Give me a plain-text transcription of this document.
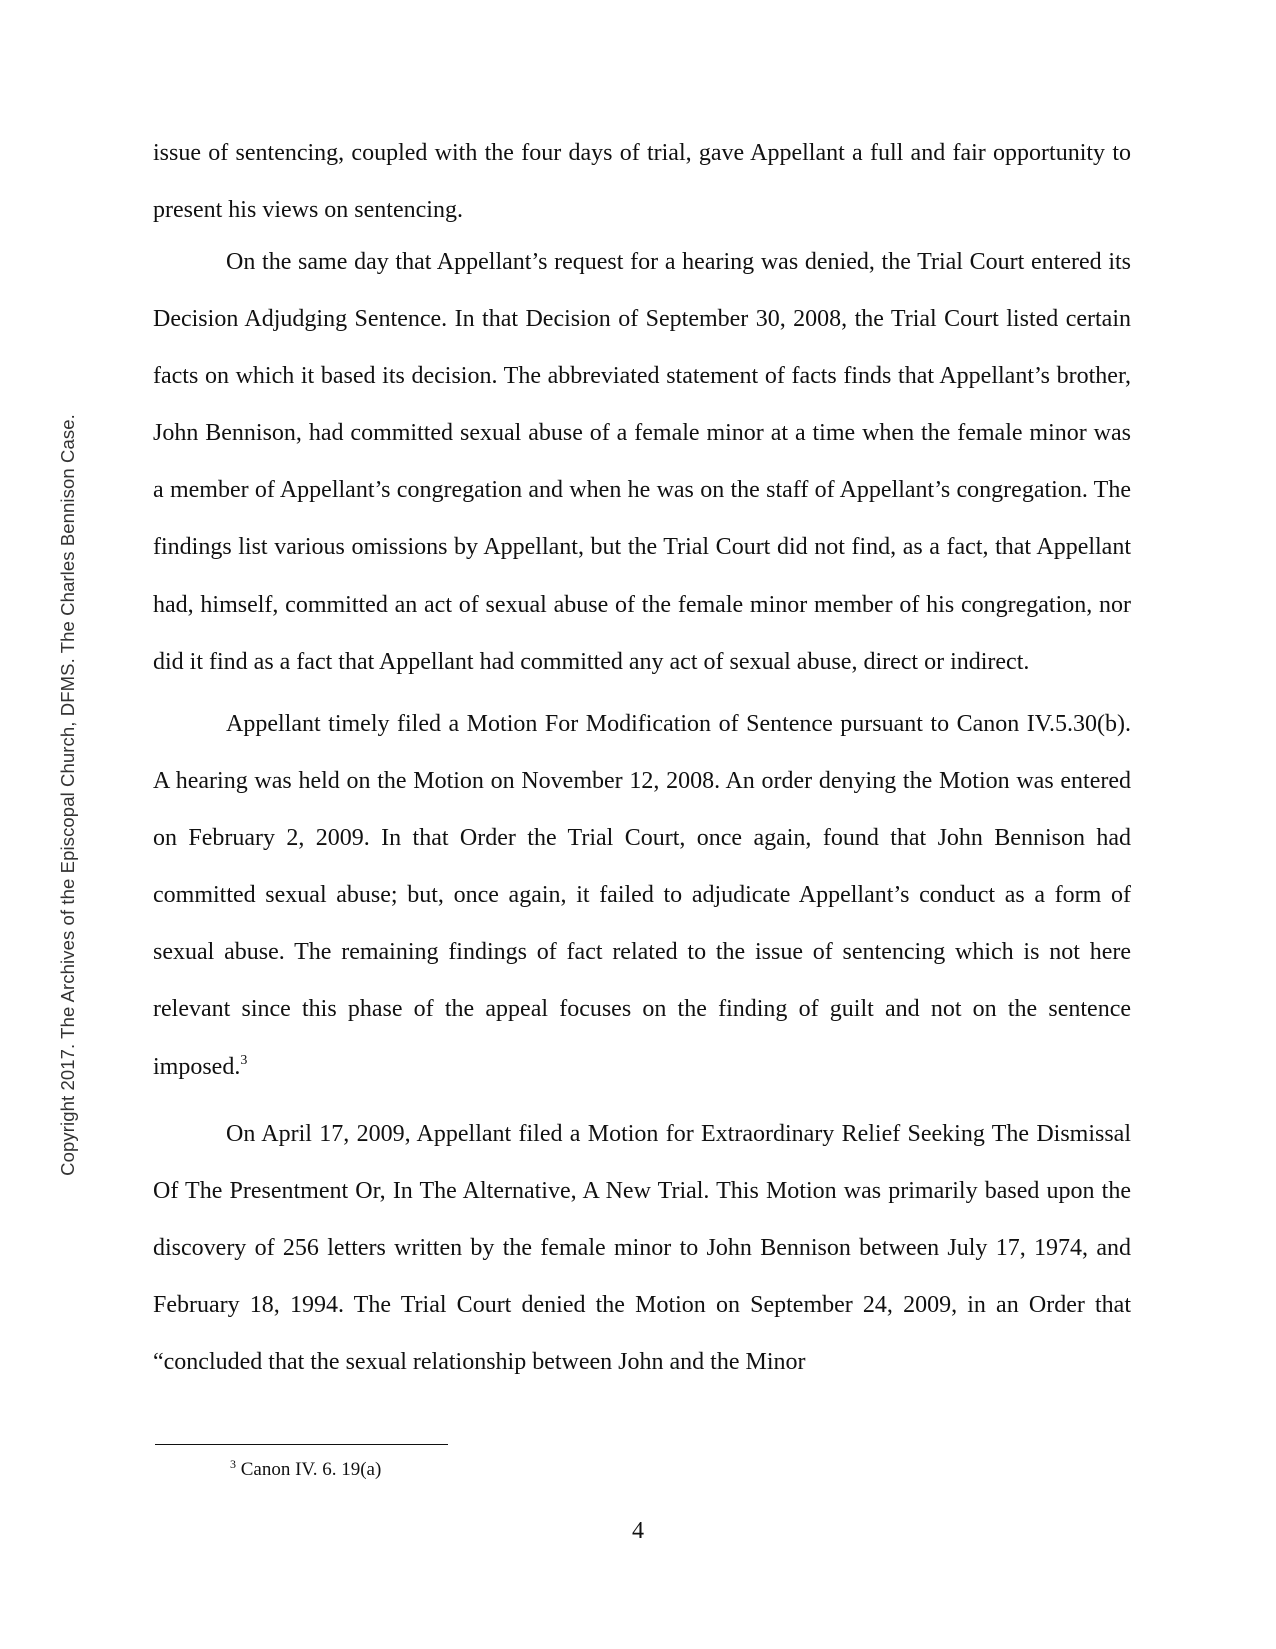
Copyright 2017. The Archives of the Episcopal Church, DFMS. The Charles Bennison Case.

issue of sentencing, coupled with the four days of trial, gave Appellant a full and fair opportunity to present his views on sentencing.

On the same day that Appellant’s request for a hearing was denied, the Trial Court entered its Decision Adjudging Sentence. In that Decision of September 30, 2008, the Trial Court listed certain facts on which it based its decision. The abbreviated statement of facts finds that Appellant’s brother, John Bennison, had committed sexual abuse of a female minor at a time when the female minor was a member of Appellant’s congregation and when he was on the staff of Appellant’s congregation. The findings list various omissions by Appellant, but the Trial Court did not find, as a fact, that Appellant had, himself, committed an act of sexual abuse of the female minor member of his congregation, nor did it find as a fact that Appellant had committed any act of sexual abuse, direct or indirect.

Appellant timely filed a Motion For Modification of Sentence pursuant to Canon IV.5.30(b). A hearing was held on the Motion on November 12, 2008. An order denying the Motion was entered on February 2, 2009. In that Order the Trial Court, once again, found that John Bennison had committed sexual abuse; but, once again, it failed to adjudicate Appellant’s conduct as a form of sexual abuse. The remaining findings of fact related to the issue of sentencing which is not here relevant since this phase of the appeal focuses on the finding of guilt and not on the sentence imposed.$^3$

On April 17, 2009, Appellant filed a Motion for Extraordinary Relief Seeking The Dismissal Of The Presentment Or, In The Alternative, A New Trial. This Motion was primarily based upon the discovery of 256 letters written by the female minor to John Bennison between July 17, 1974, and February 18, 1994. The Trial Court denied the Motion on September 24, 2009, in an Order that “concluded that the sexual relationship between John and the Minor

$^3$ Canon IV. 6. 19(a)
4
